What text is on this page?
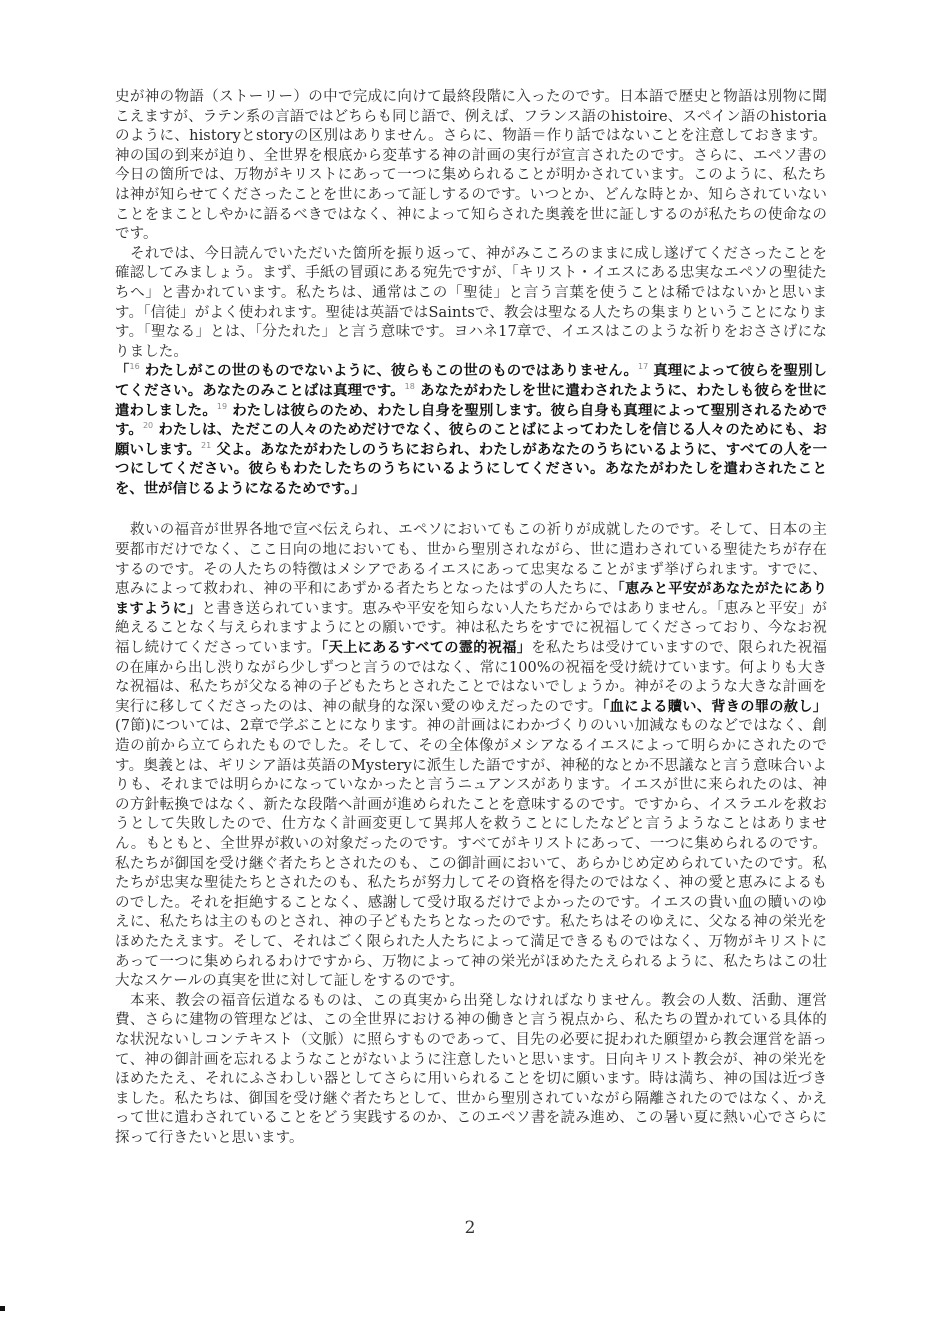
史が神の物語（ストーリー）の中で完成に向けて最終段階に入ったのです。日本語で歴史と物語は別物に聞こえますが、ラテン系の言語ではどちらも同じ語で、例えば、フランス語のhistoire、スペイン語のhistoriaのように、historyとstoryの区別はありません。さらに、物語＝作り話ではないことを注意しておきます。神の国の到来が迫り、全世界を根底から変革する神の計画の実行が宣言されたのです。さらに、エペソ書の今日の箇所では、万物がキリストにあって一つに集められることが明かされています。このように、私たちは神が知らせてくださったことを世にあって証しするのです。いつとか、どんな時とか、知らされていないことをまことしやかに語るべきではなく、神によって知らされた奥義を世に証しするのが私たちの使命なのです。

それでは、今日読んでいただいた箇所を振り返って、神がみこころのままに成し遂げてくださったことを確認してみましょう。まず、手紙の冒頭にある宛先ですが、「キリスト・イエスにある忠実なエペソの聖徒たちへ」と書かれています。私たちは、通常はこの「聖徒」と言う言葉を使うことは稀ではないかと思います。「信徒」がよく使われます。聖徒は英語ではSaintsで、教会は聖なる人たちの集まりということになります。「聖なる」とは、「分たれた」と言う意味です。ヨハネ17章で、イエスはこのような祈りをおささげになりました。

「$^{16}$ わたしがこの世のものでないように、彼らもこの世のものではありません。$^{17}$ 真理によって彼らを聖別してください。あなたのみことばは真理です。$^{18}$ あなたがわたしを世に遣わされたように、わたしも彼らを世に遣わしました。$^{19}$ わたしは彼らのため、わたし自身を聖別します。彼ら自身も真理によって聖別されるためです。$^{20}$ わたしは、ただこの人々のためだけでなく、彼らのことばによってわたしを信じる人々のためにも、お願いします。$^{21}$ 父よ。あなたがわたしのうちにおられ、わたしがあなたのうちにいるように、すべての人を一つにしてください。彼らもわたしたちのうちにいるようにしてください。あなたがわたしを遣わされたことを、世が信じるようになるためです。」

救いの福音が世界各地で宣べ伝えられ、エペソにおいてもこの祈りが成就したのです。そして、日本の主要都市だけでなく、ここ日向の地においても、世から聖別されながら、世に遣わされている聖徒たちが存在するのです。その人たちの特徴はメシアであるイエスにあって忠実なることがまず挙げられます。すでに、恵みによって救われ、神の平和にあずかる者たちとなったはずの人たちに、「恵みと平安があなたがたにありますように」と書き送られています。恵みや平安を知らない人たちだからではありません。「恵みと平安」が絶えることなく与えられますようにとの願いです。神は私たちをすでに祝福してくださっており、今なお祝福し続けてくださっています。「天上にあるすべての霊的祝福」を私たちは受けていますので、限られた祝福の在庫から出し渋りながら少しずつと言うのではなく、常に100%の祝福を受け続けています。何よりも大きな祝福は、私たちが父なる神の子どもたちとされたことではないでしょうか。神がそのような大きな計画を実行に移してくださったのは、神の献身的な深い愛のゆえだったのです。「血による贖い、背きの罪の赦し」(7節)については、2章で学ぶことになります。神の計画はにわかづくりのいい加減なものなどではなく、創造の前から立てられたものでした。そして、その全体像がメシアなるイエスによって明らかにされたのです。奥義とは、ギリシア語は英語のMysteryに派生した語ですが、神秘的なとか不思議なと言う意味合いよりも、それまでは明らかになっていなかったと言うニュアンスがあります。イエスが世に来られたのは、神の方針転換ではなく、新たな段階へ計画が進められたことを意味するのです。ですから、イスラエルを救おうとして失敗したので、仕方なく計画変更して異邦人を救うことにしたなどと言うようなことはありません。もともと、全世界が救いの対象だったのです。すべてがキリストにあって、一つに集められるのです。私たちが御国を受け継ぐ者たちとされたのも、この御計画において、あらかじめ定められていたのです。私たちが忠実な聖徒たちとされたのも、私たちが努力してその資格を得たのではなく、神の愛と恵みによるものでした。それを拒絶することなく、感謝して受け取るだけでよかったのです。イエスの貴い血の贖いのゆえに、私たちは主のものとされ、神の子どもたちとなったのです。私たちはそのゆえに、父なる神の栄光をほめたたえます。そして、それはごく限られた人たちによって満足できるものではなく、万物がキリストにあって一つに集められるわけですから、万物によって神の栄光がほめたたえられるように、私たちはこの壮大なスケールの真実を世に対して証しをするのです。

本来、教会の福音伝道なるものは、この真実から出発しなければなりません。教会の人数、活動、運営費、さらに建物の管理などは、この全世界における神の働きと言う視点から、私たちの置かれている具体的な状況ないしコンテキスト（文脈）に照らすものであって、目先の必要に捉われた願望から教会運営を語って、神の御計画を忘れるようなことがないように注意したいと思います。日向キリスト教会が、神の栄光をほめたたえ、それにふさわしい器としてさらに用いられることを切に願います。時は満ち、神の国は近づきました。私たちは、御国を受け継ぐ者たちとして、世から聖別されていながら隔離されたのではなく、かえって世に遣わされていることをどう実践するのか、このエペソ書を読み進め、この暑い夏に熱い心でさらに探って行きたいと思います。

2
